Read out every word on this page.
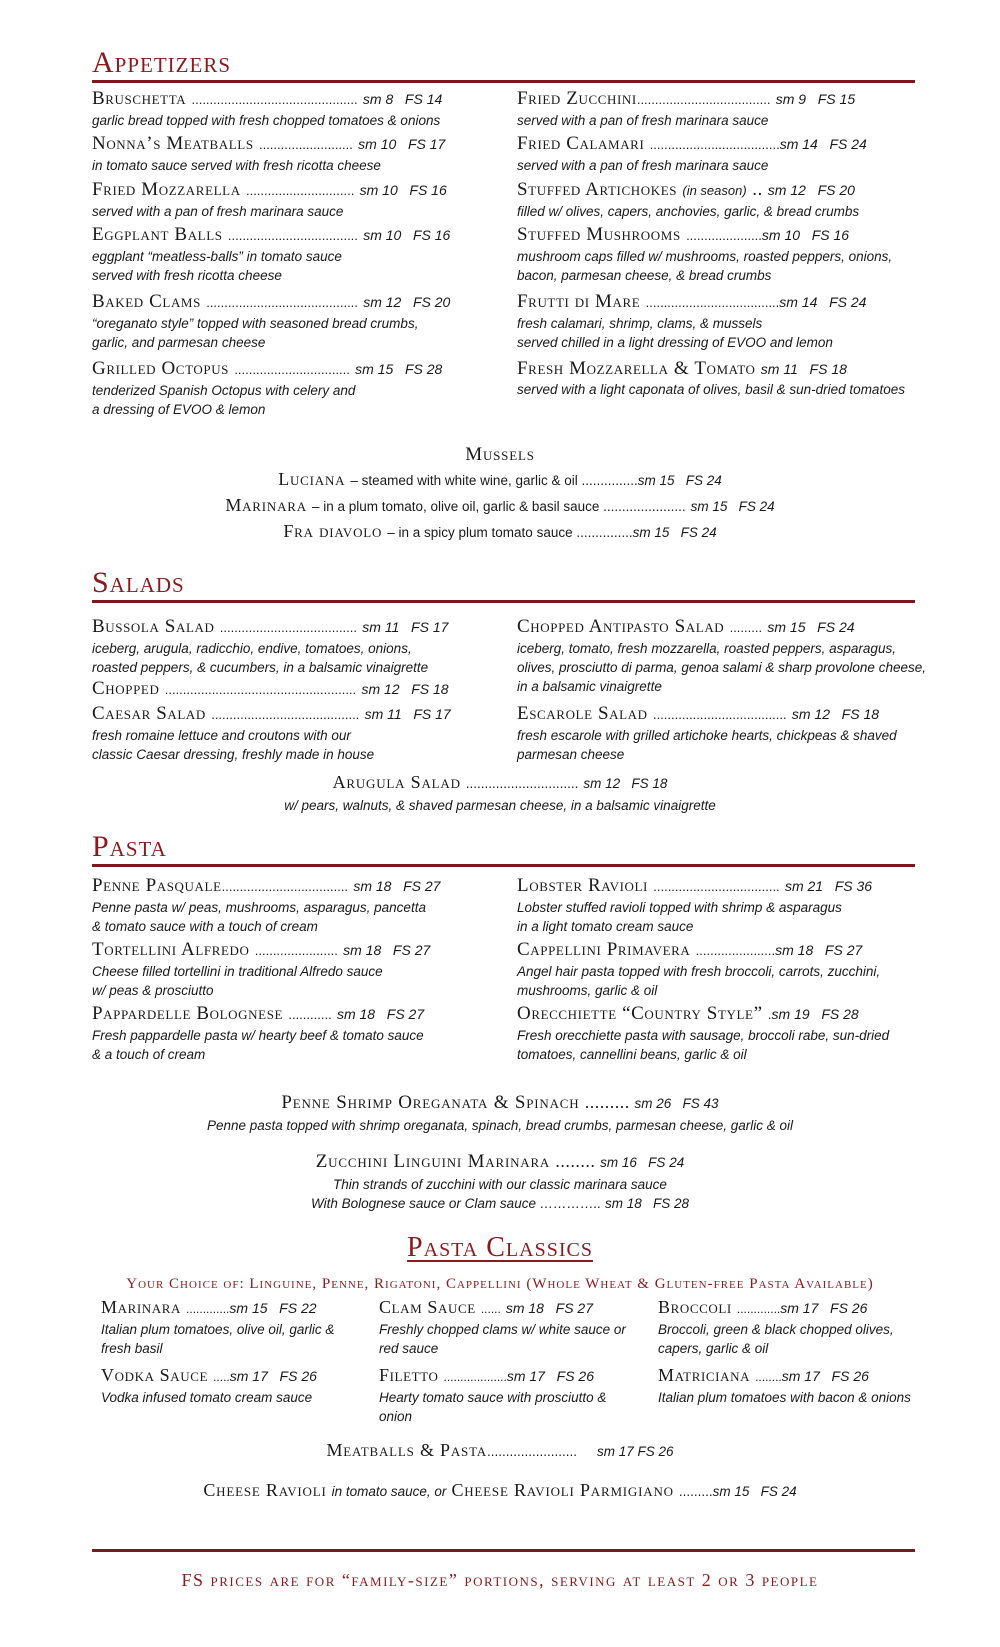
Appetizers
Bruschetta .............................................. sm 8   FS 14
garlic bread topped with fresh chopped tomatoes & onions
Nonna’s Meatballs .......................... sm 10   FS 17
in tomato sauce served with fresh ricotta cheese
Fried Mozzarella .............................. sm 10   FS 16
served with a pan of fresh marinara sauce
Eggplant Balls .................................... sm 10   FS 16
eggplant “meatless-balls” in tomato sauce
served with fresh ricotta cheese
Baked Clams .......................................... sm 12   FS 20
“oreganato style” topped with seasoned bread crumbs,
garlic, and parmesan cheese
Grilled Octopus ................................ sm 15   FS 28
tenderized Spanish Octopus with celery and
a dressing of EVOO & lemon
Fried Zucchini..................................... sm 9   FS 15
served with a pan of fresh marinara sauce
Fried Calamari ....................................sm 14   FS 24
served with a pan of fresh marinara sauce
Stuffed Artichokes (in season) .. sm 12   FS 20
filled w/ olives, capers, anchovies, garlic, & bread crumbs
Stuffed Mushrooms .....................sm 10   FS 16
mushroom caps filled w/ mushrooms, roasted peppers, onions,
bacon, parmesan cheese, & bread crumbs
Frutti di Mare .....................................sm 14   FS 24
fresh calamari, shrimp, clams, & mussels
served chilled in a light dressing of EVOO and lemon
Fresh Mozzarella & Tomato sm 11   FS 18
served with a light caponata of olives, basil & sun-dried tomatoes
Mussels
Luciana – steamed with white wine, garlic & oil ...............sm 15   FS 24
Marinara – in a plum tomato, olive oil, garlic & basil sauce ...................... sm 15   FS 24
Fra diavolo – in a spicy plum tomato sauce ...............sm 15   FS 24
Salads
Bussola Salad ...................................... sm 11   FS 17
iceberg, arugula, radicchio, endive, tomatoes, onions,
roasted peppers, & cucumbers, in a balsamic vinaigrette
Chopped ..................................................... sm 12   FS 18
Caesar Salad ......................................... sm 11   FS 17
fresh romaine lettuce and croutons with our
classic Caesar dressing, freshly made in house
Chopped Antipasto Salad ......... sm 15   FS 24
iceberg, tomato, fresh mozzarella, roasted peppers, asparagus,
olives, prosciutto di parma, genoa salami & sharp provolone cheese,
in a balsamic vinaigrette
Escarole Salad ..................................... sm 12   FS 18
fresh escarole with grilled artichoke hearts, chickpeas & shaved
parmesan cheese
Arugula Salad .............................. sm 12   FS 18
w/ pears, walnuts, & shaved parmesan cheese, in a balsamic vinaigrette
Pasta
Penne Pasquale................................... sm 18   FS 27
Penne pasta w/ peas, mushrooms, asparagus, pancetta
& tomato sauce with a touch of cream
Tortellini Alfredo ....................... sm 18   FS 27
Cheese filled tortellini in traditional Alfredo sauce
w/ peas & prosciutto
Pappardelle Bolognese ............ sm 18   FS 27
Fresh pappardelle pasta w/ hearty beef & tomato sauce
& a touch of cream
Lobster Ravioli ................................... sm 21   FS 36
Lobster stuffed ravioli topped with shrimp & asparagus
in a light tomato cream sauce
Cappellini Primavera ......................sm 18   FS 27
Angel hair pasta topped with fresh broccoli, carrots, zucchini,
mushrooms, garlic & oil
Orecchiette “Country Style” .sm 19   FS 28
Fresh orecchiette pasta with sausage, broccoli rabe, sun-dried
tomatoes, cannellini beans, garlic & oil
Penne Shrimp Oreganata & Spinach ......... sm 26   FS 43
Penne pasta topped with shrimp oreganata, spinach, bread crumbs, parmesan cheese, garlic & oil
Zucchini Linguini Marinara ........ sm 16   FS 24
Thin strands of zucchini with our classic marinara sauce
With Bolognese sauce or Clam sauce ………….. sm 18   FS 28
Pasta Classics
Your Choice of: Linguine, Penne, Rigatoni, Cappellini (Whole Wheat & Gluten-free Pasta Available)
Marinara .............sm 15   FS 22
Italian plum tomatoes, olive oil, garlic &
fresh basil
Vodka Sauce .....sm 17   FS 26
Vodka infused tomato cream sauce
Clam Sauce ...... sm 18   FS 27
Freshly chopped clams w/ white sauce or
red sauce
Filetto ...................sm 17   FS 26
Hearty tomato sauce with prosciutto &
onion
Broccoli .............sm 17   FS 26
Broccoli, green & black chopped olives,
capers, garlic & oil
Matriciana ........sm 17   FS 26
Italian plum tomatoes with bacon & onions
Meatballs & Pasta........................ sm 17 FS 26
Cheese Ravioli in tomato sauce, or Cheese Ravioli Parmigiano .........sm 15   FS 24
FS prices are for “family-size” portions, serving at least 2 or 3 people
